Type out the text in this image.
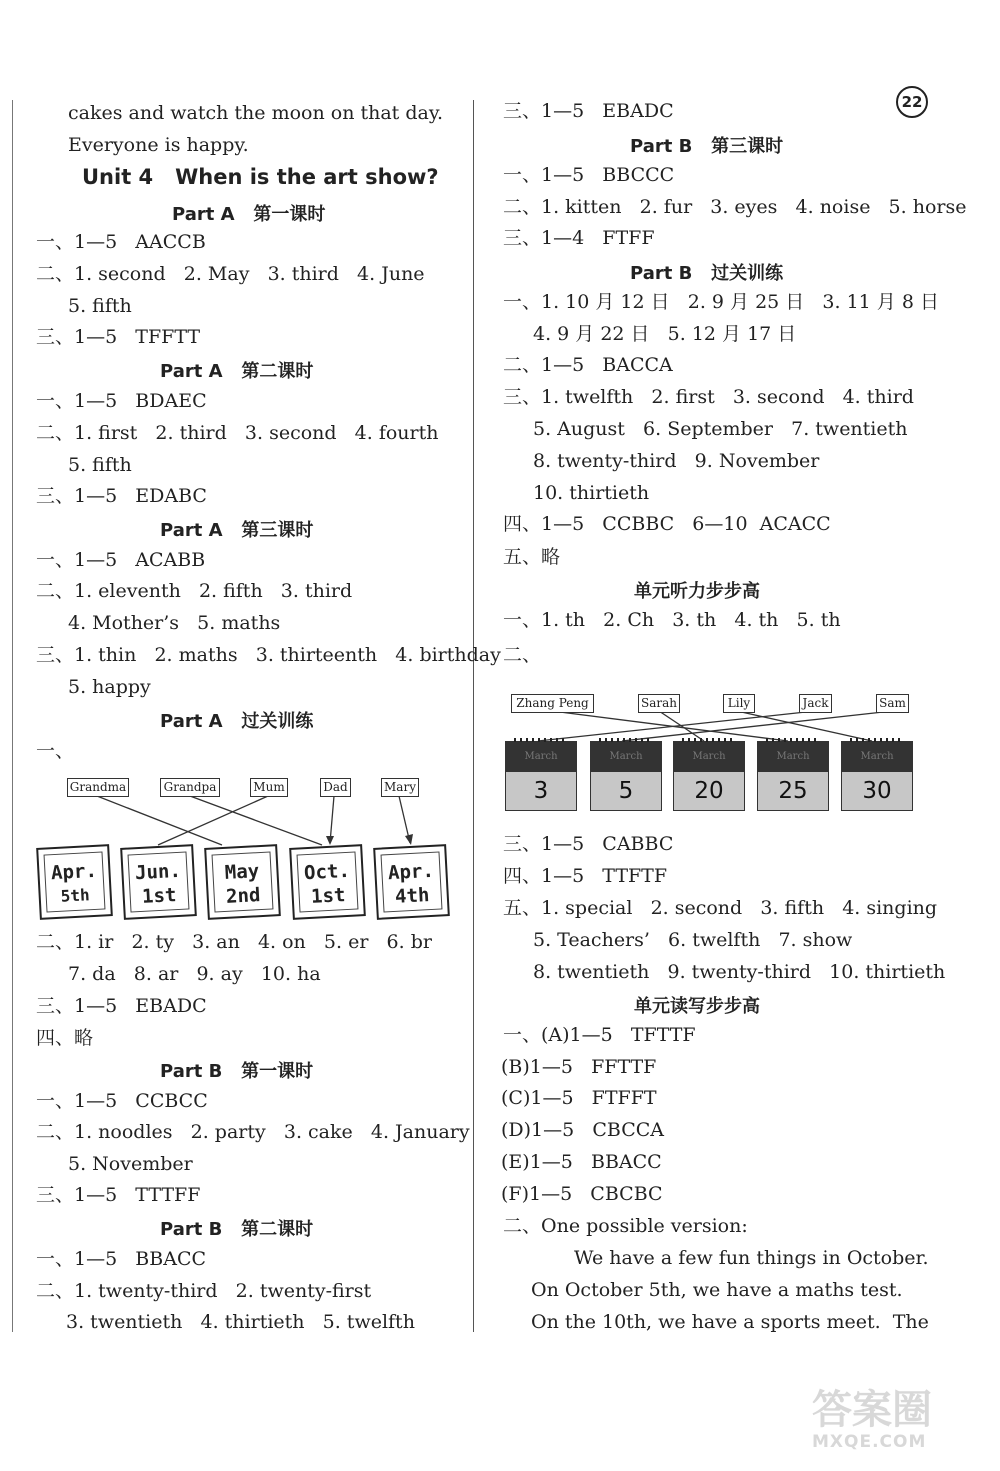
22
cakes and watch the moon on that day.
Everyone is happy.
Unit 4   When is the art show?
Part A   第一课时
一、1—5   AACCB
二、1. second   2. May   3. third   4. June
5. fifth
三、1—5   TFFTT
Part A   第二课时
一、1—5   BDAEC
二、1. first   2. third   3. second   4. fourth
5. fifth
三、1—5   EDABC
Part A   第三课时
一、1—5   ACABB
二、1. eleventh   2. fifth   3. third
4. Mother’s   5. maths
三、1. thin   2. maths   3. thirteenth   4. birthday
5. happy
Part A   过关训练
一、
Grandma	Grandpa	Mum	Dad	Mary
Apr.
5th
Jun.
1st
May
2nd
Oct.
1st
Apr.
4th
二、1. ir   2. ty   3. an   4. on   5. er   6. br
7. da   8. ar   9. ay   10. ha
三、1—5   EBADC
四、略
Part B   第一课时
一、1—5   CCBCC
二、1. noodles   2. party   3. cake   4. January
5. November
三、1—5   TTTFF
Part B   第二课时
一、1—5   BBACC
二、1. twenty-third   2. twenty-first
3. twentieth   4. thirtieth   5. twelfth
三、1—5   EBADC
Part B   第三课时
一、1—5   BBCCC
二、1. kitten   2. fur   3. eyes   4. noise   5. horse
三、1—4   FTFF
Part B   过关训练
一、1. 10 月 12 日   2. 9 月 25 日   3. 11 月 8 日
4. 9 月 22 日   5. 12 月 17 日
二、1—5   BACCA
三、1. twelfth   2. first   3. second   4. third
5. August   6. September   7. twentieth
8. twenty-third   9. November
10. thirtieth
四、1—5   CCBBC   6—10  ACACC
五、略
单元听力步步高
一、1. th   2. Ch   3. th   4. th   5. th
二、
Zhang Peng	Sarah	Lily	Jack	Sam
March
3
March
5
March
20
March
25
March
30
三、1—5   CABBC
四、1—5   TTFTF
五、1. special   2. second   3. fifth   4. singing
5. Teachers’   6. twelfth   7. show
8. twentieth   9. twenty-third   10. thirtieth
单元读写步步高
一、(A)1—5   TFTTF
(B)1—5   FFTTF
(C)1—5   FTFFT
(D)1—5   CBCCA
(E)1—5   BBACC
(F)1—5   CBCBC
二、One possible version:
We have a few fun things in October.
On October 5th, we have a maths test.
On the 10th, we have a sports meet.  The
答案圈
MXQE.COM
